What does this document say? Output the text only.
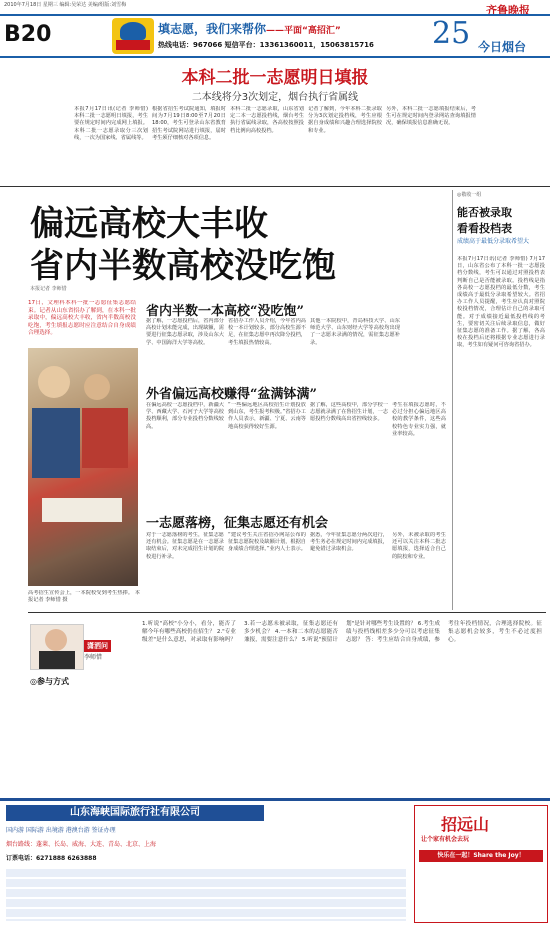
2010年7月18日 星期三 编辑:吴荣达 美编/组版:刘雪梅	齐鲁晚报
B20	填志愿，我们来帮你——平面“高招汇”
热线电话：967066 短信平台：13361360011，15063815716 25 今日烟台
本科二批一志愿明日填报
二本线将分3次划定，烟台执行省属线
本报7月17日讯(记者 李师惜) 本科二批一志愿明日填报，考生要在规定时间内完成网上填报。本科二批一志愿录取分三次划线，一次为国家线、省属线等。
根据省招生考试院通知，填报时间为7月19日8:00至7月20日18:00，考生可登录山东省教育招生考试院网站进行填报，届时考生须仔细核对各项信息。
本科二批一志愿录取，山东省划定二本一志愿投档线，烟台考生执行省属线录取，各高校按照投档比例向高校投档。
记者了解到，今年本科二批录取分为3次划定投档线，考生应根据自身成绩和兴趣合理选择院校和专业。
另外，本科二批一志愿填报结束后，考生可在规定时间内登录网站查询填报情况，确保填报信息准确无误。
偏远高校大丰收
省内半数高校没吃饱
本报记者 李师惜
17日，文理科本科一批一志愿征集志愿结束。记者从山东省招办了解到，在本科一批录取中，偏远高校大丰收，省内半数高校没吃饱，考生填报志愿时应注意结合自身成绩合理选择。
省内半数一本高校“没吃饱”
据了解，一志愿投档后，省内部分高校计划未能完成，出现缺额，需要进行征集志愿录取，涉及山东大学、中国海洋大学等高校。
省招办工作人员介绍，今年省内高校一本计划较多，部分高校生源不足，在征集志愿中再次降分投档，考生填报热情较高。
其他一本院校中，青岛科技大学、山东师范大学、山东财经大学等高校均出现了一志愿未录满的情况，需征集志愿补录。
高考招生宣传会上，一本院校受到考生热捧。 本报记者 李师惜 摄
外省偏远高校赚得“盆满钵满”
在偏远高校一志愿投档中，新疆大学、西藏大学、石河子大学等高校投档顺利，部分专业投档分数线较高。
“一些偏远地区高校招生计划投放到山东，考生报考积极。”省招办工作人员表示，新疆、宁夏、云南等地高校获得较好生源。
据了解，这些高校中，部分学校一志愿就录满了在鲁招生计划，一志愿投档分数线高出省控线较多。
考生在填报志愿时，不必过分担心偏远地区高校的教学条件，这些高校特色专业实力强，就业率较高。
一志愿落榜，征集志愿还有机会
对于一志愿落榜的考生，征集志愿还有机会。征集志愿是在一志愿录取结束后，对未完成招生计划的院校进行补录。
“建议考生关注省招办网站公布的征集志愿院校及缺额计划，根据自身成绩合理选择。”业内人士表示。
据悉，今年征集志愿分两次进行，考生务必在规定时间内完成填报，避免错过录取机会。
另外，未被录取的考生还可以关注本科二批志愿填报，选择适合自己的院校和专业。
◎敬收一组
能否被录取
看看投档表
成绩高于最低分录取希望大
本报7月17日讯(记者 李师惜) 7月17日，山东省公布了本科一批一志愿投档分数线，考生可以通过对照投档表判断自己是否能被录取。投档线是指各高校一志愿投档的最低分数，考生成绩高于最低分录取希望较大。省招办工作人员提醒，考生应认真对照院校投档情况，合理估计自己的录取可能。对于成绩接近最低投档线的考生，要密切关注后续录取信息，做好征集志愿的准备工作。据了解，各高校在投档后还将根据专业志愿进行录取，考生如有疑问可咨询省招办。
潇洒问
李师惜
◎参与方式
1.听说"高校"小分小，看分，能否了解今年有哪些高校仍在招生？ 2."专业级差"是什么意思，对录取有影响吗？ 3.若一志愿未被录取，征集志愿还有多少机会？ 4.一本和二本的志愿能否兼报，需要注意什么？ 5.听说"预留计划"是针对哪些考生设置的？ 6.考生成绩与投档线相差多少分可以考虑征集志愿？ 答：考生应结合自身成绩，参考往年投档情况，合理选择院校。征集志愿机会较多，考生不必过度担心。
山东海峡国际旅行社有限公司
国内游 国际游 出境游 港澳台游 签证办理
烟台路线：蓬莱、长岛、威海、大连、青岛、北京、上海
订票电话：6271888 6263888
招远山
让个家有机会去玩
快乐在一起！Share the Joy！
